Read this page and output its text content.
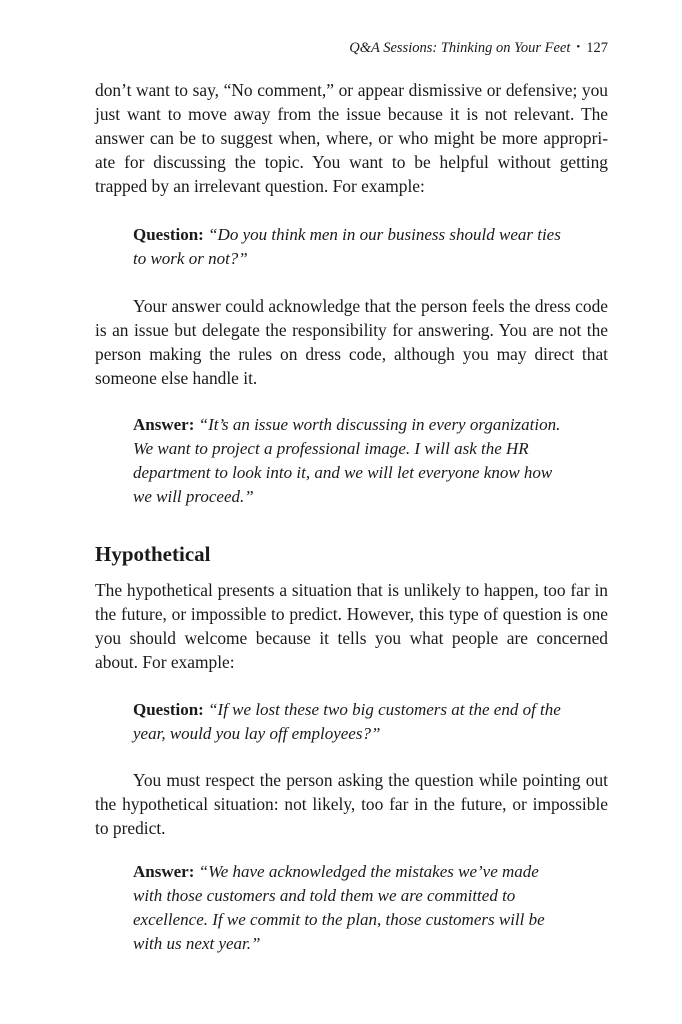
Q&A Sessions: Thinking on Your Feet • 127

don’t want to say, “No comment,” or appear dismissive or defensive; you just want to move away from the issue because it is not relevant. The answer can be to suggest when, where, or who might be more appropri-ate for discussing the topic. You want to be helpful without getting trapped by an irrelevant question. For example:

Question: “Do you think men in our business should wear ties to work or not?”

Your answer could acknowledge that the person feels the dress code is an issue but delegate the responsibility for answering. You are not the person making the rules on dress code, although you may direct that someone else handle it.

Answer: “It’s an issue worth discussing in every organization. We want to project a professional image. I will ask the HR department to look into it, and we will let everyone know how we will proceed.”

Hypothetical

The hypothetical presents a situation that is unlikely to happen, too far in the future, or impossible to predict. However, this type of question is one you should welcome because it tells you what people are concerned about. For example:

Question: “If we lost these two big customers at the end of the year, would you lay off employees?”

You must respect the person asking the question while pointing out the hypothetical situation: not likely, too far in the future, or impossible to predict.

Answer: “We have acknowledged the mistakes we’ve made with those customers and told them we are committed to excellence. If we commit to the plan, those customers will be with us next year.”
